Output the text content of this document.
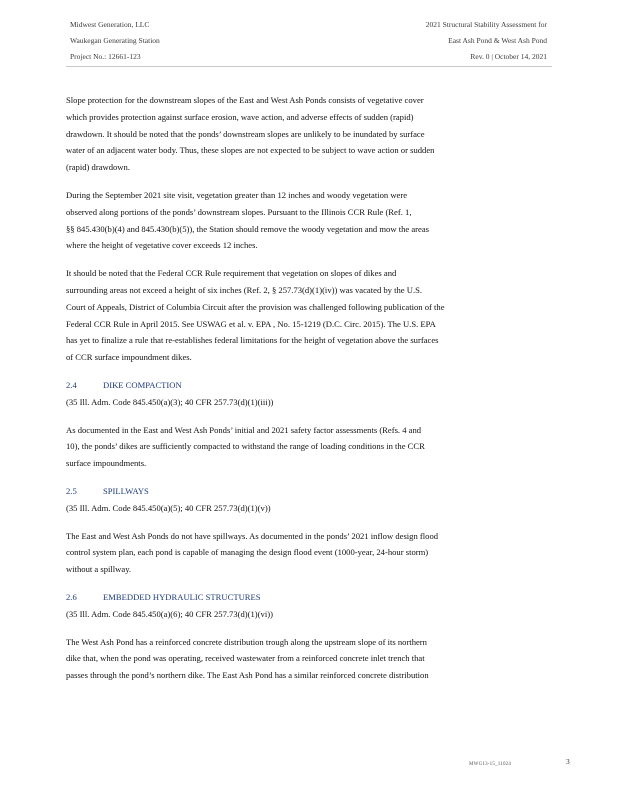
Midwest Generation, LLC
Waukegan Generating Station
Project No.: 12661-123
2021 Structural Stability Assessment for
East Ash Pond & West Ash Pond
Rev. 0 | October 14, 2021

Slope protection for the downstream slopes of the East and West Ash Ponds consists of vegetative cover
which provides protection against surface erosion, wave action, and adverse effects of sudden (rapid)
drawdown. It should be noted that the ponds’ downstream slopes are unlikely to be inundated by surface
water of an adjacent water body. Thus, these slopes are not expected to be subject to wave action or sudden
(rapid) drawdown.

During the September 2021 site visit, vegetation greater than 12 inches and woody vegetation were
observed along portions of the ponds’ downstream slopes. Pursuant to the Illinois CCR Rule (Ref. 1,
§§ 845.430(b)(4) and 845.430(b)(5)), the Station should remove the woody vegetation and mow the areas
where the height of vegetative cover exceeds 12 inches.

It should be noted that the Federal CCR Rule requirement that vegetation on slopes of dikes and
surrounding areas not exceed a height of six inches (Ref. 2, § 257.73(d)(1)(iv)) was vacated by the U.S.
Court of Appeals, District of Columbia Circuit after the provision was challenged following publication of the
Federal CCR Rule in April 2015. See USWAG et al. v. EPA , No. 15-1219 (D.C. Circ. 2015). The U.S. EPA
has yet to finalize a rule that re-establishes federal limitations for the height of vegetation above the surfaces
of CCR surface impoundment dikes.

2.4	DIKE COMPACTION
(35 Ill. Adm. Code 845.450(a)(3); 40 CFR 257.73(d)(1)(iii))

As documented in the East and West Ash Ponds’ initial and 2021 safety factor assessments (Refs. 4 and
10), the ponds’ dikes are sufficiently compacted to withstand the range of loading conditions in the CCR
surface impoundments.

2.5	SPILLWAYS
(35 Ill. Adm. Code 845.450(a)(5); 40 CFR 257.73(d)(1)(v))

The East and West Ash Ponds do not have spillways. As documented in the ponds’ 2021 inflow design flood
control system plan, each pond is capable of managing the design flood event (1000-year, 24-hour storm)
without a spillway.

2.6	EMBEDDED HYDRAULIC STRUCTURES
(35 Ill. Adm. Code 845.450(a)(6); 40 CFR 257.73(d)(1)(vi))

The West Ash Pond has a reinforced concrete distribution trough along the upstream slope of its northern
dike that, when the pond was operating, received wastewater from a reinforced concrete inlet trench that
passes through the pond’s northern dike. The East Ash Pond has a similar reinforced concrete distribution

MWG13-15_11024	3
